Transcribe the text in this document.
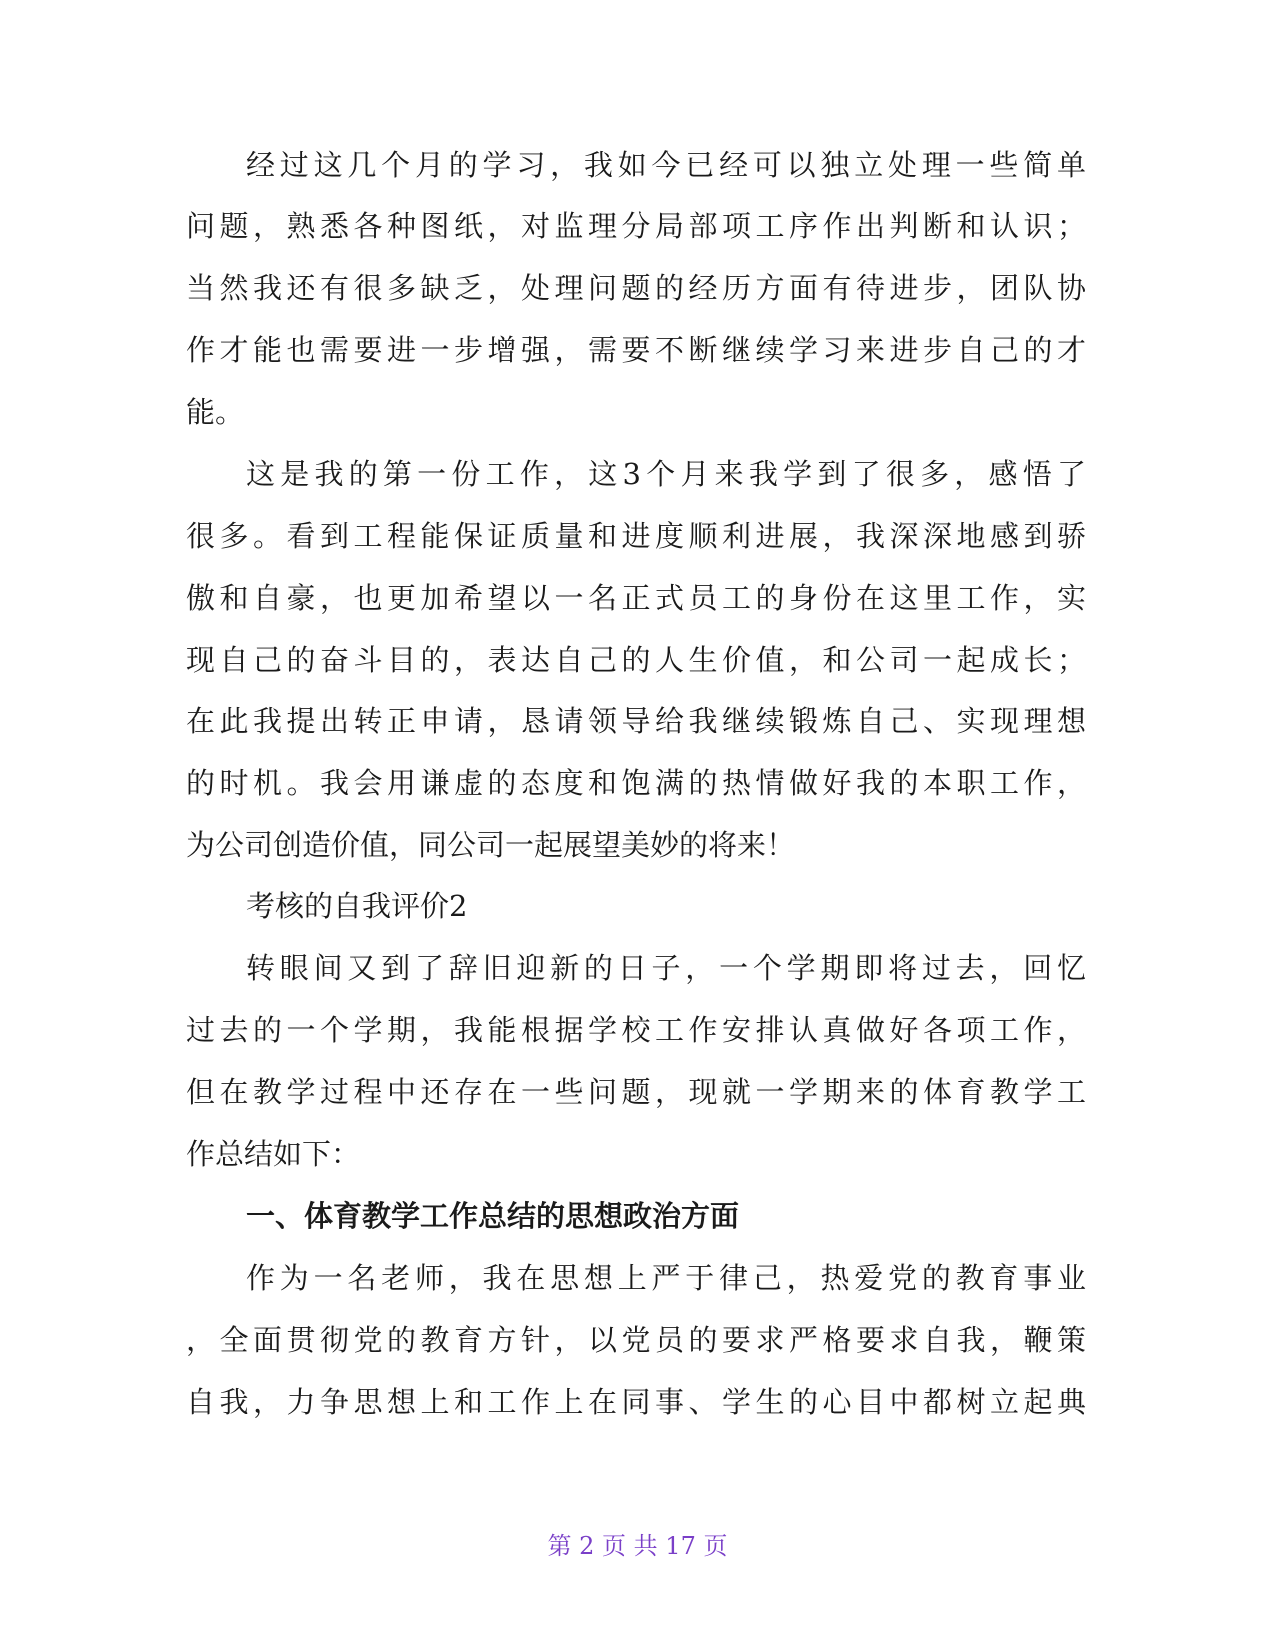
经过这几个月的学习，我如今已经可以独立处理一些简单
问题，熟悉各种图纸，对监理分局部项工序作出判断和认识；
当然我还有很多缺乏，处理问题的经历方面有待进步，团队协
作才能也需要进一步增强，需要不断继续学习来进步自己的才
能。
这是我的第一份工作，这3个月来我学到了很多，感悟了
很多。看到工程能保证质量和进度顺利进展，我深深地感到骄
傲和自豪，也更加希望以一名正式员工的身份在这里工作，实
现自己的奋斗目的，表达自己的人生价值，和公司一起成长；
在此我提出转正申请，恳请领导给我继续锻炼自己、实现理想
的时机。我会用谦虚的态度和饱满的热情做好我的本职工作，
为公司创造价值，同公司一起展望美妙的将来！
考核的自我评价2
转眼间又到了辞旧迎新的日子，一个学期即将过去，回忆
过去的一个学期，我能根据学校工作安排认真做好各项工作，
但在教学过程中还存在一些问题，现就一学期来的体育教学工
作总结如下：
一、体育教学工作总结的思想政治方面
作为一名老师，我在思想上严于律己，热爱党的教育事业
，全面贯彻党的教育方针，以党员的要求严格要求自我，鞭策
自我，力争思想上和工作上在同事、学生的心目中都树立起典
第 2 页 共 17 页
